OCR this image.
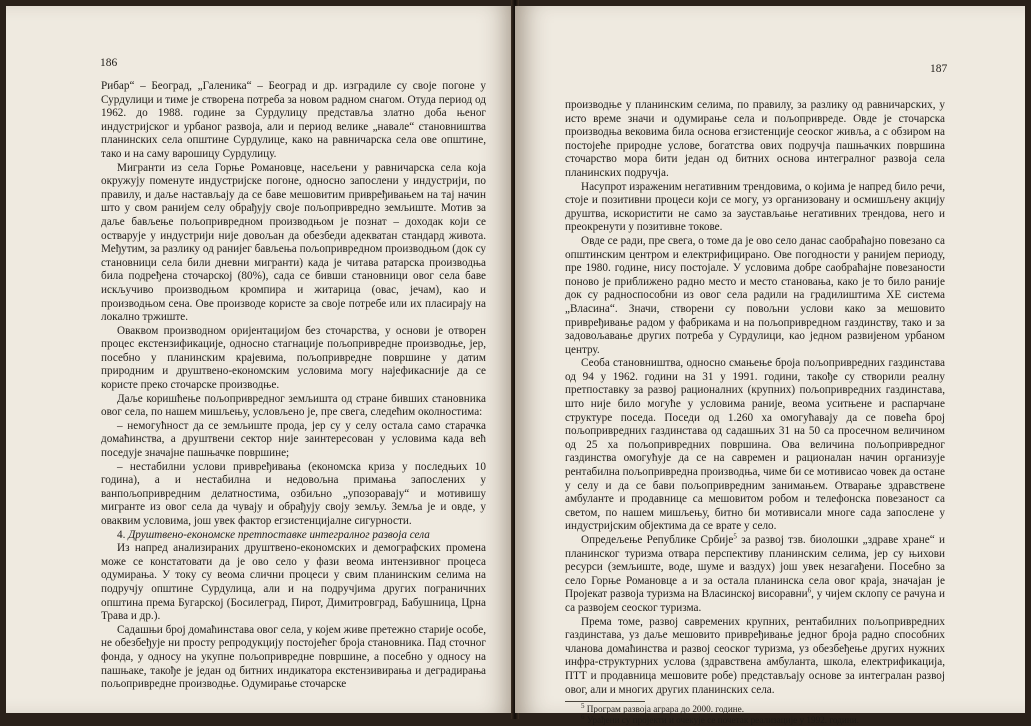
186

Рибар“ – Београд, „Галеника“ – Београд и др. изградиле су своје погоне у Сурдулици и тиме је створена потреба за новом радном снагом. Отуда период од 1962. до 1988. године за Сурдулицу представља златно доба њеног индустријског и урбаног развоја, али и период велике „навале“ становништва планинских села општине Сурдулице, како на равничарска села ове општине, тако и на саму варошицу Сурдулицу.

Мигранти из села Горње Романовце, насељени у равничарска села која окружују поменуте индустријске погоне, односно запослени у индустрији, по правилу, и даље настављају да се баве мешовитим привређивањем на тај начин што у свом ранијем селу обрађују своје пољопривредно земљиште. Мотив за даље бављење пољопривредном производњом је познат – доходак који се остварује у индустрији није довољан да обезбеди адекватан стандард живота. Међутим, за разлику од ранијег бављења пољопривредном производњом (док су становници села били дневни мигранти) када је читава ратарска производња била подређена сточарској (80%), сада се бивши становници овог села баве искључиво производњом кромпира и житарица (овас, јечам), као и производњом сена. Ове производе користе за своје потребе или их пласирају на локално тржиште.

Оваквом производном оријентацијом без сточарства, у основи је отворен процес екстензификације, односно стагнације пољопривредне производње, јер, посебно у планинским крајевима, пољопривредне површине у датим природним и друштвено-економским условима могу најефикасније да се користе преко сточарске производње.

Даље коришћење пољопривредног земљишта од стране бивших становника овог села, по нашем мишљењу, условљено је, пре свега, следећим околностима:

– немогућност да се земљиште прода, јер су у селу остала само старачка домаћинства, а друштвени сектор није заинтересован у условима када већ поседује значајне пашњачке површине;

– нестабилни услови привређивања (економска криза у последњих 10 година), а и нестабилна и недовољна примања запослених у ванпољопривредним делатностима, озбиљно „упозоравају“ и мотивишу мигранте из овог села да чувају и обрађују своју земљу. Земља је и овде, у оваквим условима, још увек фактор егзистенцијалне сигурности.

4. Друштвено-економске претпоставке интегралног развоја села

Из напред анализираних друштвено-економских и демографских промена може се констатовати да је ово село у фази веома интензивног процеса одумирања. У току су веома слични процеси у свим планинским селима на подручју општине Сурдулица, али и на подручјима других пограничних општина према Бугарској (Босилеград, Пирот, Димитровград, Бабушница, Црна Трава и др.).

Садашњи број домаћинстава овог села, у којем живе претежно старије особе, не обезбеђује ни просту репродукцију постојећег броја становника. Пад сточног фонда, у односу на укупне пољопривредне површине, а посебно у односу на пашњаке, такође је један од битних индикатора екстензивирања и деградирања пољопривредне производње. Одумирање сточарске

187

производње у планинским селима, по правилу, за разлику од равничарских, у исто време значи и одумирање села и пољопривреде. Овде је сточарска производња вековима била основа егзистенције сеоског живља, а с обзиром на постојеће природне услове, богатства ових подручја пашњачких површина сточарство мора бити један од битних основа интегралног развоја села планинских подручја.

Насупрот израженим негативним трендовима, о којима је напред било речи, стоје и позитивни процеси који се могу, уз организовану и осмишљену акцију друштва, искористити не само за заустављање негативних трендова, него и преокренути у позитивне токове.

Овде се ради, пре свега, о томе да је ово село данас саобраћајно повезано са општинским центром и електрифицирано. Ове погодности у ранијем периоду, пре 1980. године, нису постојале. У условима добре саобраћајне повезаности поново је приближено радно место и место становања, како је то било раније док су радноспособни из овог села радили на градилиштима ХЕ система „Власина“. Значи, створени су повољни услови како за мешовито привређивање радом у фабрикама и на пољопривредном газдинству, тако и за задовољавање других потреба у Сурдулици, као једном развијеном урбаном центру.

Сеоба становништва, односно смањење броја пољопривредних газдинстава од 94 у 1962. години на 31 у 1991. години, такође су створили реалну претпоставку за развој рационалних (крупних) пољопривредних газдинстава, што није било могуће у условима раније, веома уситњене и распарчане структуре поседа. Поседи од 1.260 ха омогућавају да се повећа број пољопривредних газдинстава од садашњих 31 на 50 са просечном величином од 25 ха пољопривредних површина. Ова величина пољопривредног газдинства омогућује да се на савремен и рационалан начин организује рентабилна пољопривредна производња, чиме би се мотивисао човек да остане у селу и да се бави пољопривредним занимањем. Отварање здравствене амбуланте и продавнице са мешовитом робом и телефонска повезаност са светом, по нашем мишљењу, битно би мотивисали многе сада запослене у индустријским објектима да се врате у село.

Опредељење Републике Србије$^5$ за развој тзв. биолошки „здраве хране“ и планинског туризма отвара перспективу планинским селима, јер су њихови ресурси (земљиште, воде, шуме и ваздух) још увек незагађени. Посебно за село Горње Романовце а и за остала планинска села овог краја, значајан је Пројекат развоја туризма на Власинској висоравни$^6$, у чијем склопу се рачуна и са развојем сеоског туризма.

Према томе, развој савремених крупних, рентабилних пољопривредних газдинстава, уз даље мешовито привређивање једног броја радно способних чланова домаћинства и развој сеоског туризма, уз обезбеђење других нужних инфра-структурних услова (здравствена амбуланта, школа, електрификација, ПТТ и продавница мешовите робе) представљају основе за интегралан развој овог, али и многих других планинских села.

$^5$ Програм развоја аграра до 2000. године.

$^6$ Урађени су пројекти и очекује се почетак реализације у 1992. години.
